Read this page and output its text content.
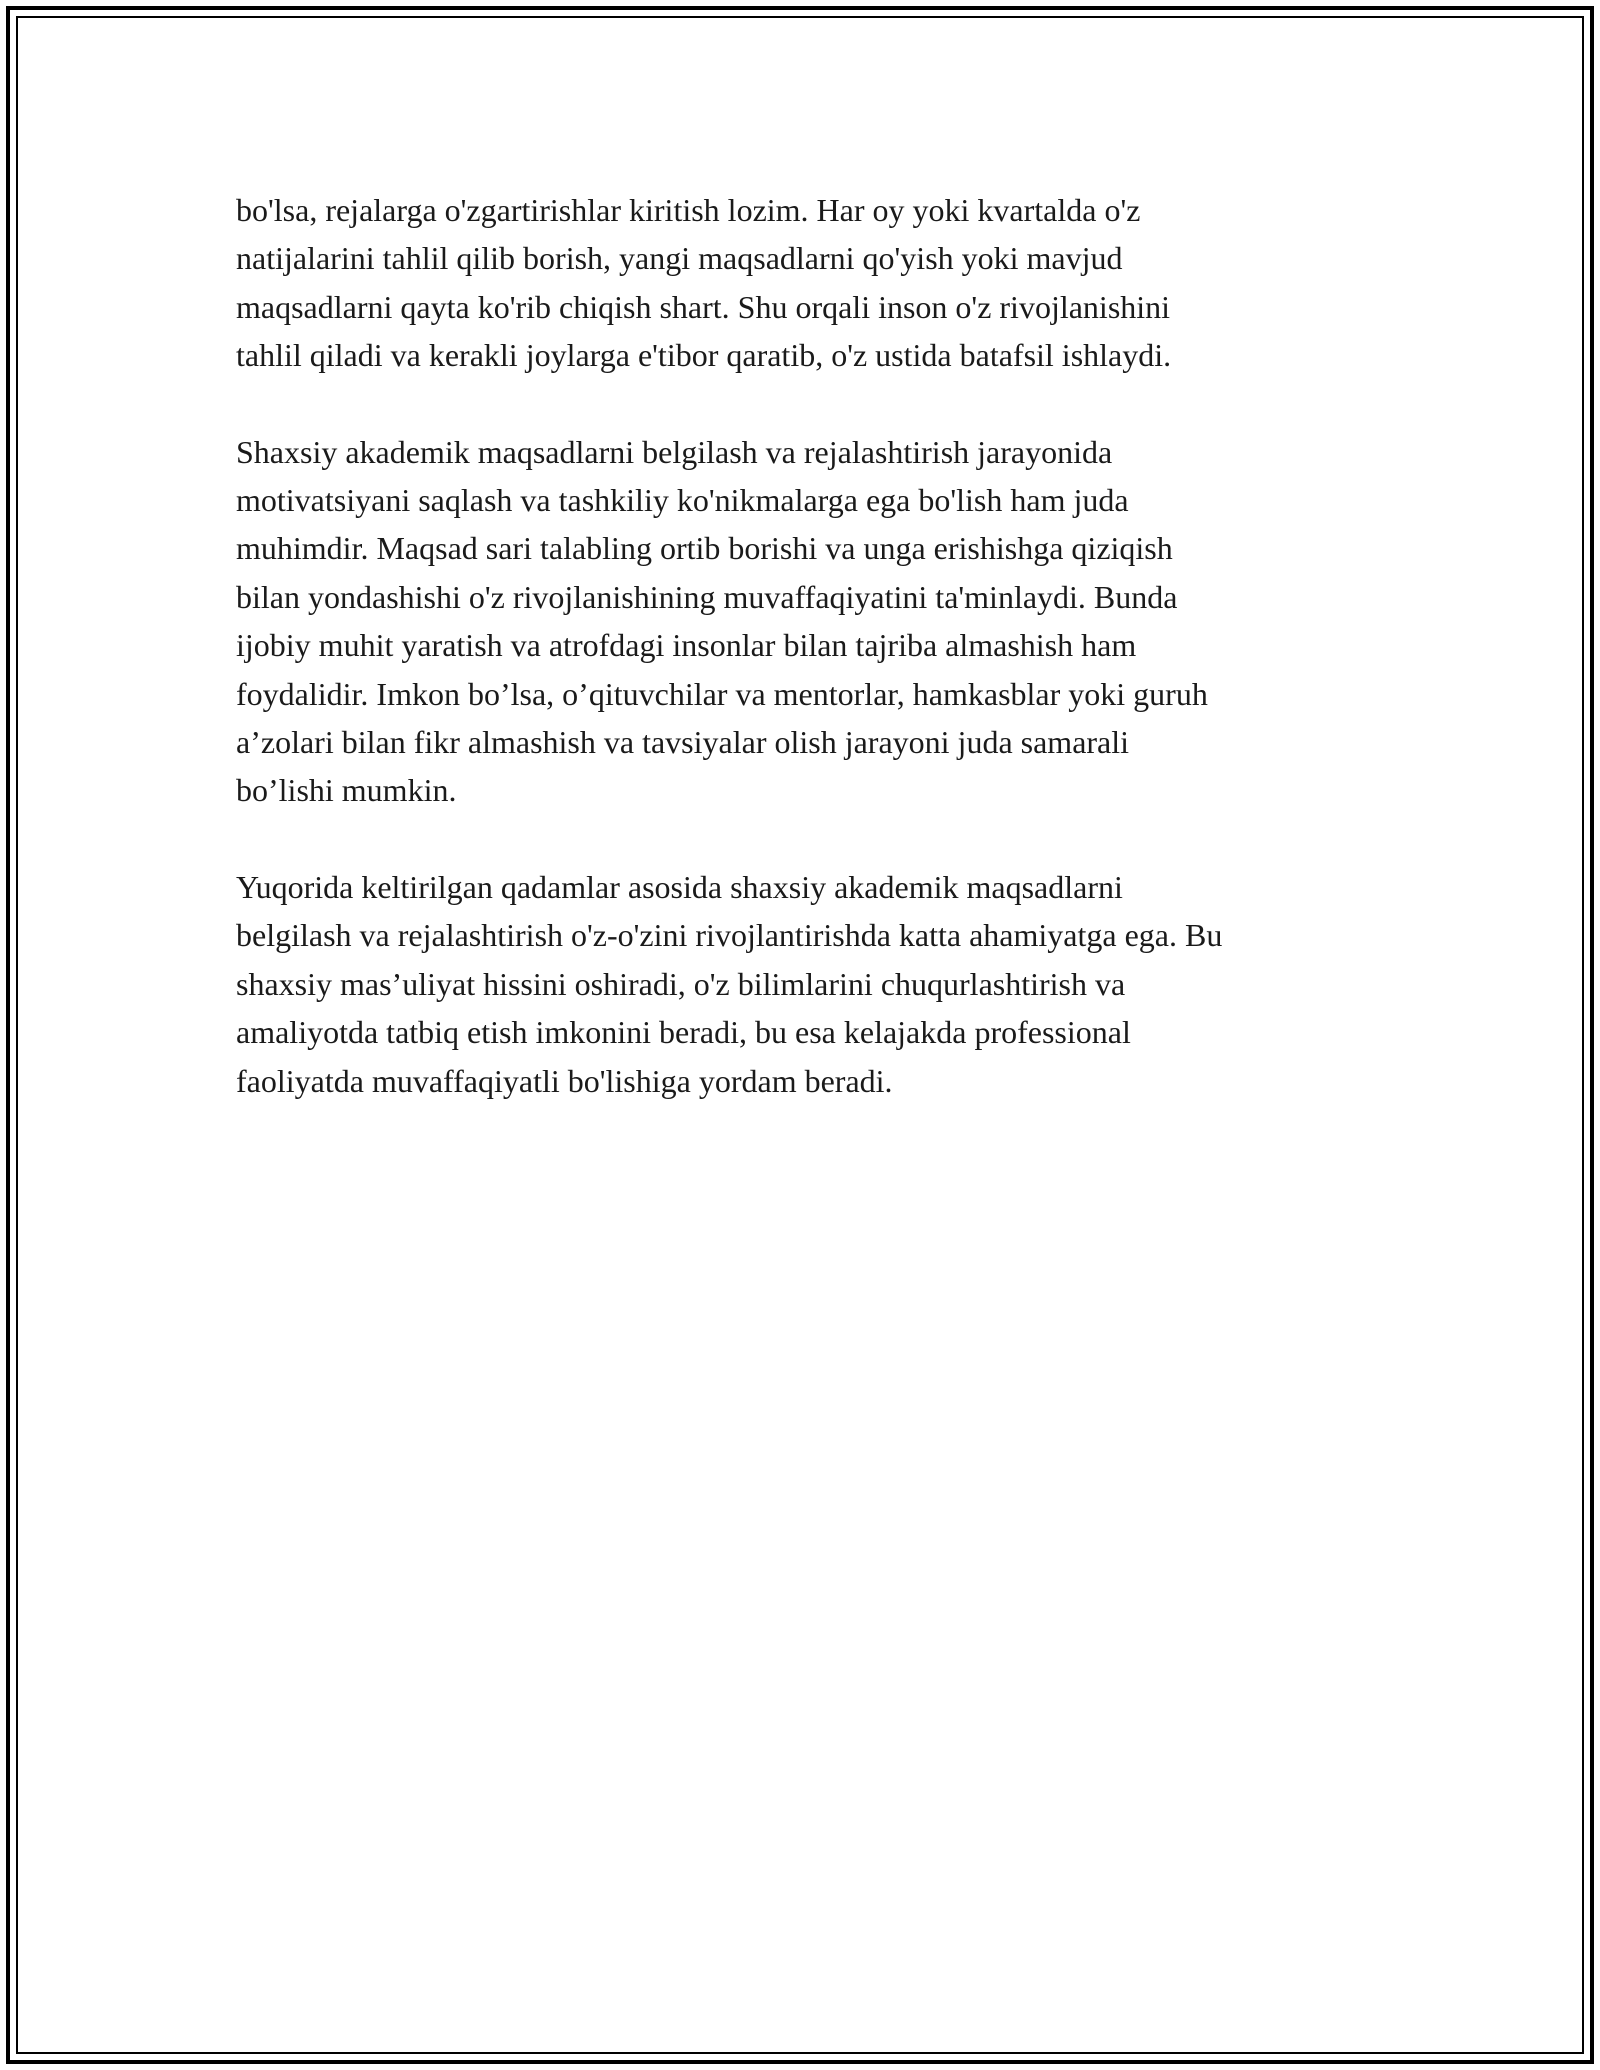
bo'lsa, rejalarga o'zgartirishlar kiritish lozim. Har oy yoki kvartalda o'z
natijalarini tahlil qilib borish, yangi maqsadlarni qo'yish yoki mavjud
maqsadlarni qayta ko'rib chiqish shart. Shu orqali inson o'z rivojlanishini
tahlil qiladi va kerakli joylarga e'tibor qaratib, o'z ustida batafsil ishlaydi.

Shaxsiy akademik maqsadlarni belgilash va rejalashtirish jarayonida
motivatsiyani saqlash va tashkiliy ko'nikmalarga ega bo'lish ham juda
muhimdir. Maqsad sari talabling ortib borishi va unga erishishga qiziqish
bilan yondashishi o'z rivojlanishining muvaffaqiyatini ta'minlaydi. Bunda
ijobiy muhit yaratish va atrofdagi insonlar bilan tajriba almashish ham
foydalidir. Imkon bo’lsa, o’qituvchilar va mentorlar, hamkasblar yoki guruh
a’zolari bilan fikr almashish va tavsiyalar olish jarayoni juda samarali
bo’lishi mumkin.

Yuqorida keltirilgan qadamlar asosida shaxsiy akademik maqsadlarni
belgilash va rejalashtirish o'z-o'zini rivojlantirishda katta ahamiyatga ega. Bu
shaxsiy mas’uliyat hissini oshiradi, o'z bilimlarini chuqurlashtirish va
amaliyotda tatbiq etish imkonini beradi, bu esa kelajakda professional
faoliyatda muvaffaqiyatli bo'lishiga yordam beradi.
